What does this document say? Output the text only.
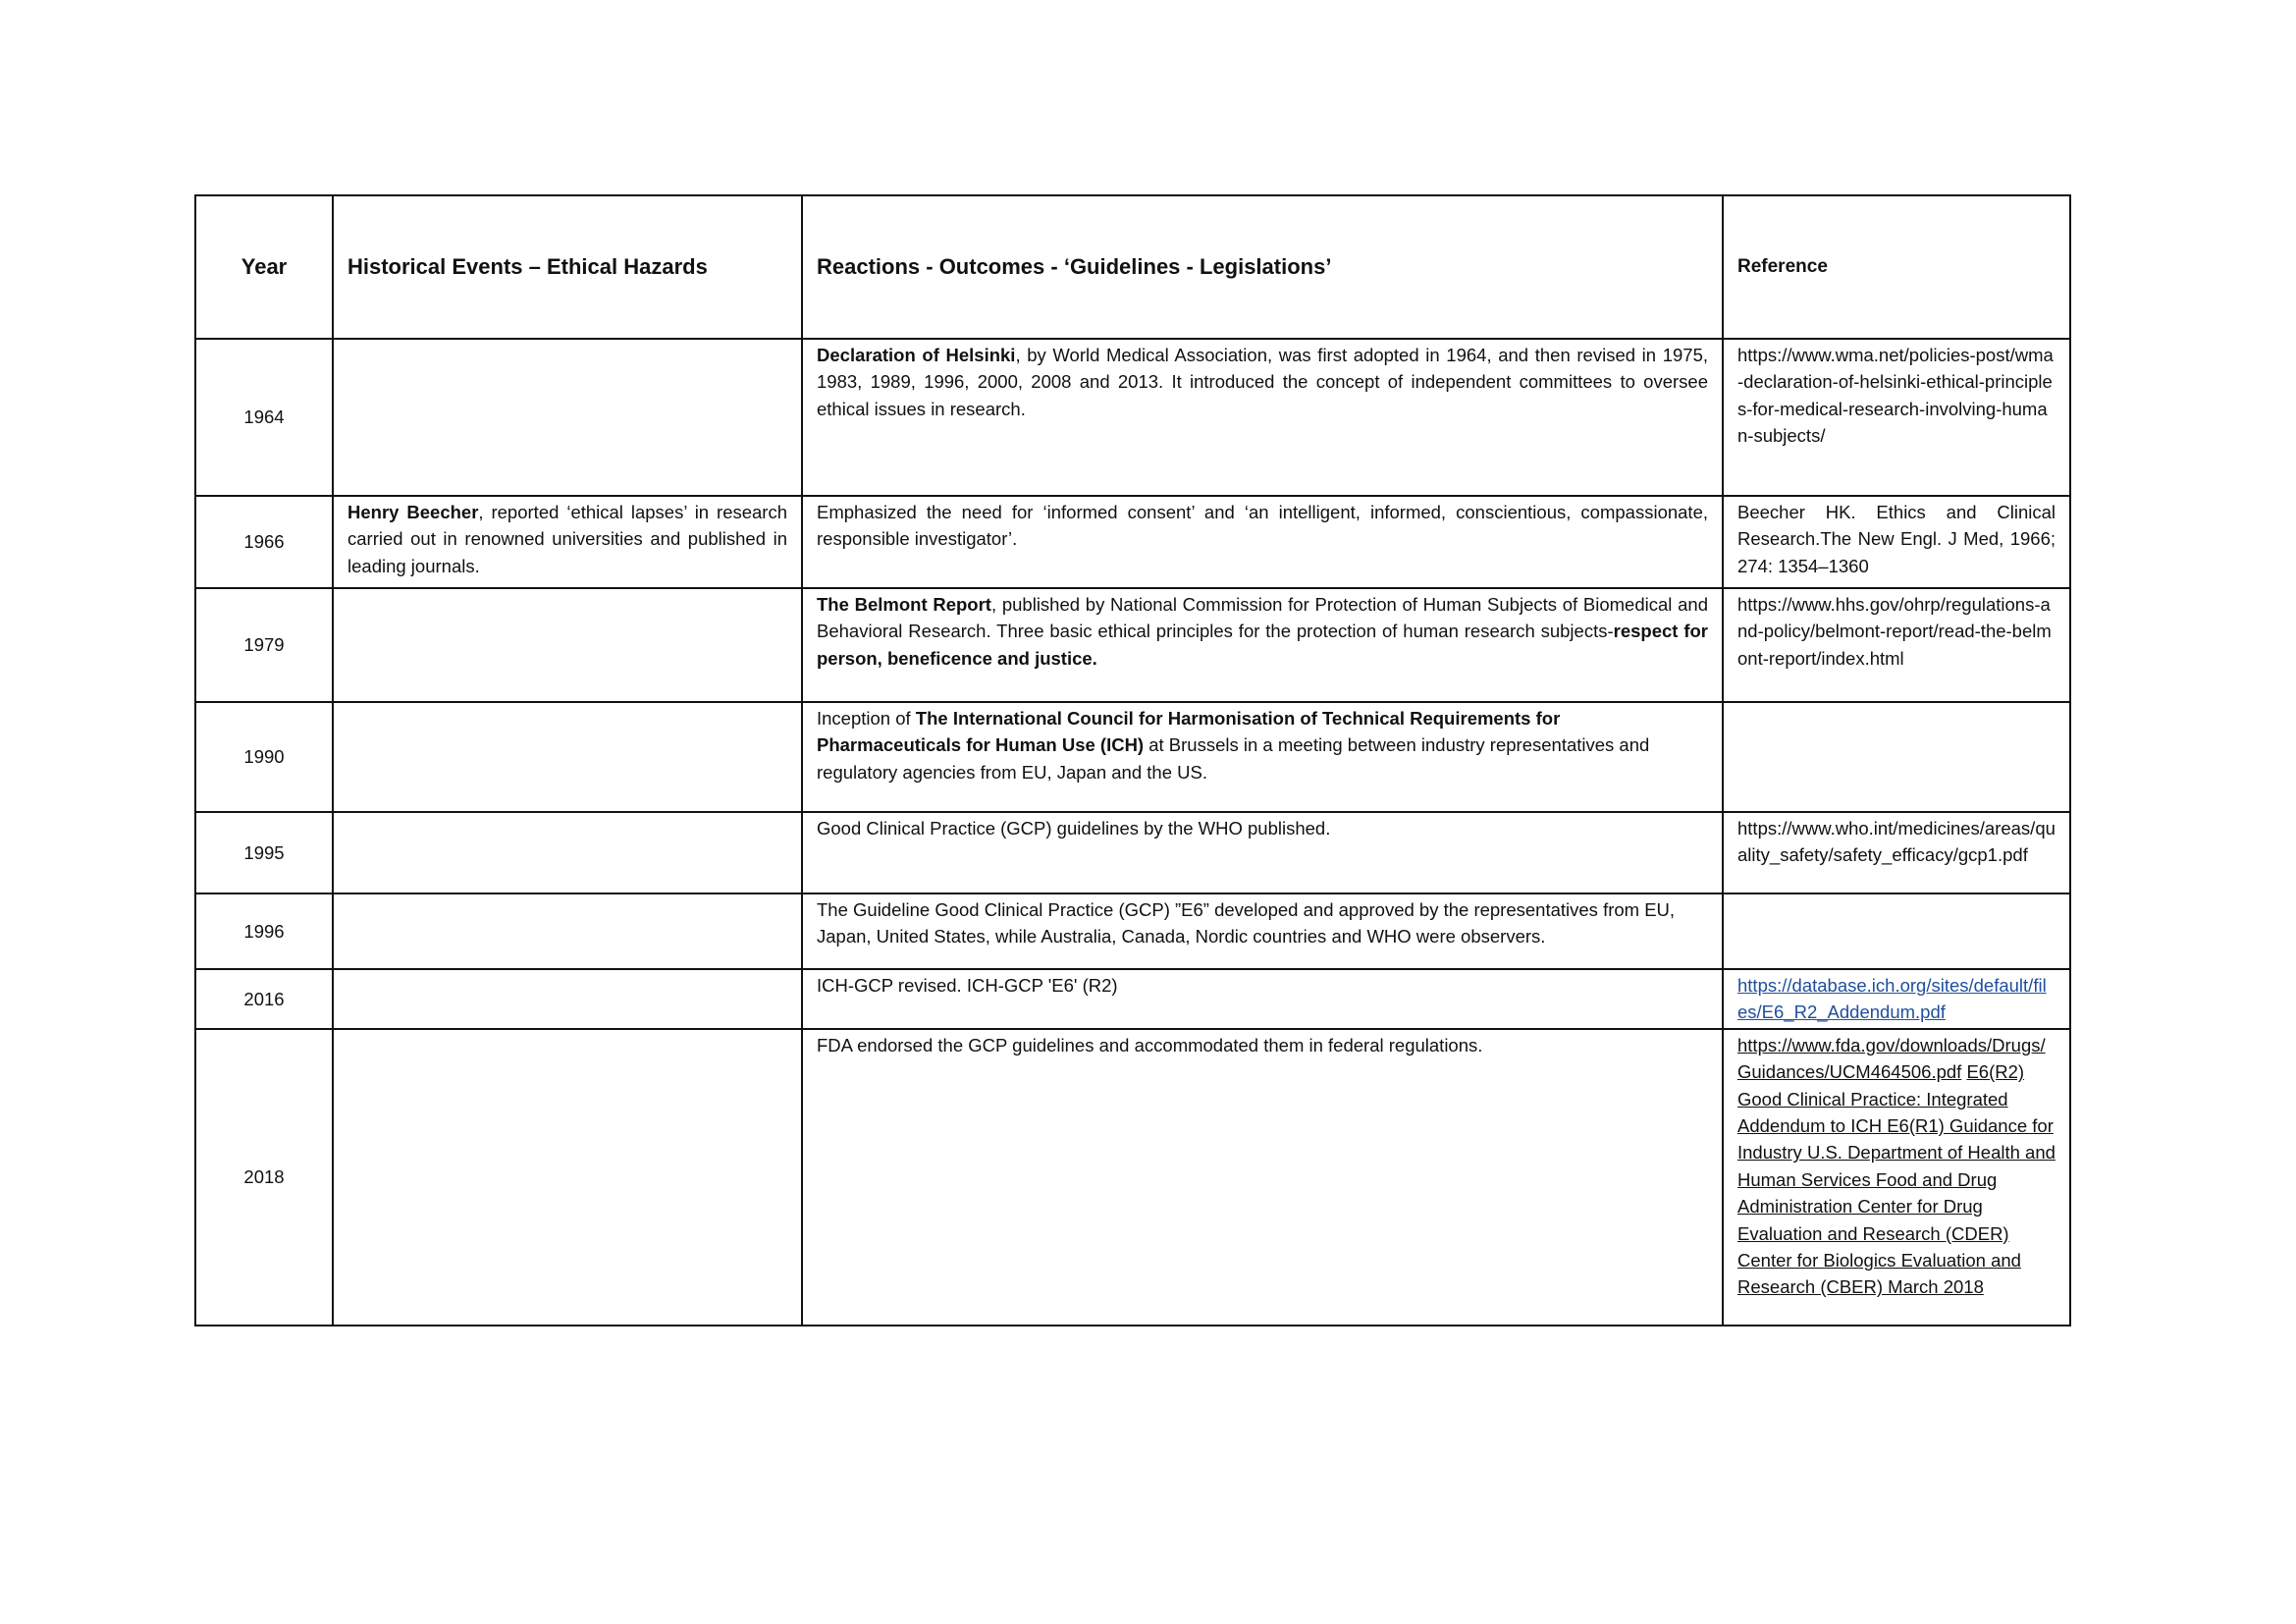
Year	Historical Events – Ethical Hazards	Reactions - Outcomes - ‘Guidelines - Legislations’	Reference
1964		Declaration of Helsinki, by World Medical Association, was first adopted in 1964, and then revised in 1975, 1983, 1989, 1996, 2000, 2008 and 2013. It introduced the concept of independent committees to oversee ethical issues in research.	https://www.wma.net/policies-post/wma-declaration-of-helsinki-ethical-principles-for-medical-research-involving-human-subjects/
1966	Henry Beecher, reported ‘ethical lapses’ in research carried out in renowned universities and published in leading journals.	Emphasized the need for ‘informed consent’ and ‘an intelligent, informed, conscientious, compassionate, responsible investigator’.	Beecher HK. Ethics and Clinical Research.The New Engl. J Med, 1966; 274: 1354–1360
1979		The Belmont Report, published by National Commission for Protection of Human Subjects of Biomedical and Behavioral Research. Three basic ethical principles for the protection of human research subjects-respect for person, beneficence and justice.	https://www.hhs.gov/ohrp/regulations-and-policy/belmont-report/read-the-belmont-report/index.html
1990		Inception of The International Council for Harmonisation of Technical Requirements for Pharmaceuticals for Human Use (ICH) at Brussels in a meeting between industry representatives and regulatory agencies from EU, Japan and the US.	
1995		Good Clinical Practice (GCP) guidelines by the WHO published.	https://www.who.int/medicines/areas/quality_safety/safety_efficacy/gcp1.pdf
1996		The Guideline Good Clinical Practice (GCP) ”E6” developed and approved by the representatives from EU, Japan, United States, while Australia, Canada, Nordic countries and WHO were observers.	
2016		ICH-GCP revised. ICH-GCP 'E6' (R2)	https://database.ich.org/sites/default/files/E6_R2_Addendum.pdf
2018		FDA endorsed the GCP guidelines and accommodated them in federal regulations.	https://www.fda.gov/downloads/Drugs/Guidances/UCM464506.pdf E6(R2) Good Clinical Practice: Integrated Addendum to ICH E6(R1) Guidance for Industry U.S. Department of Health and Human Services Food and Drug Administration Center for Drug Evaluation and Research (CDER) Center for Biologics Evaluation and Research (CBER) March 2018
